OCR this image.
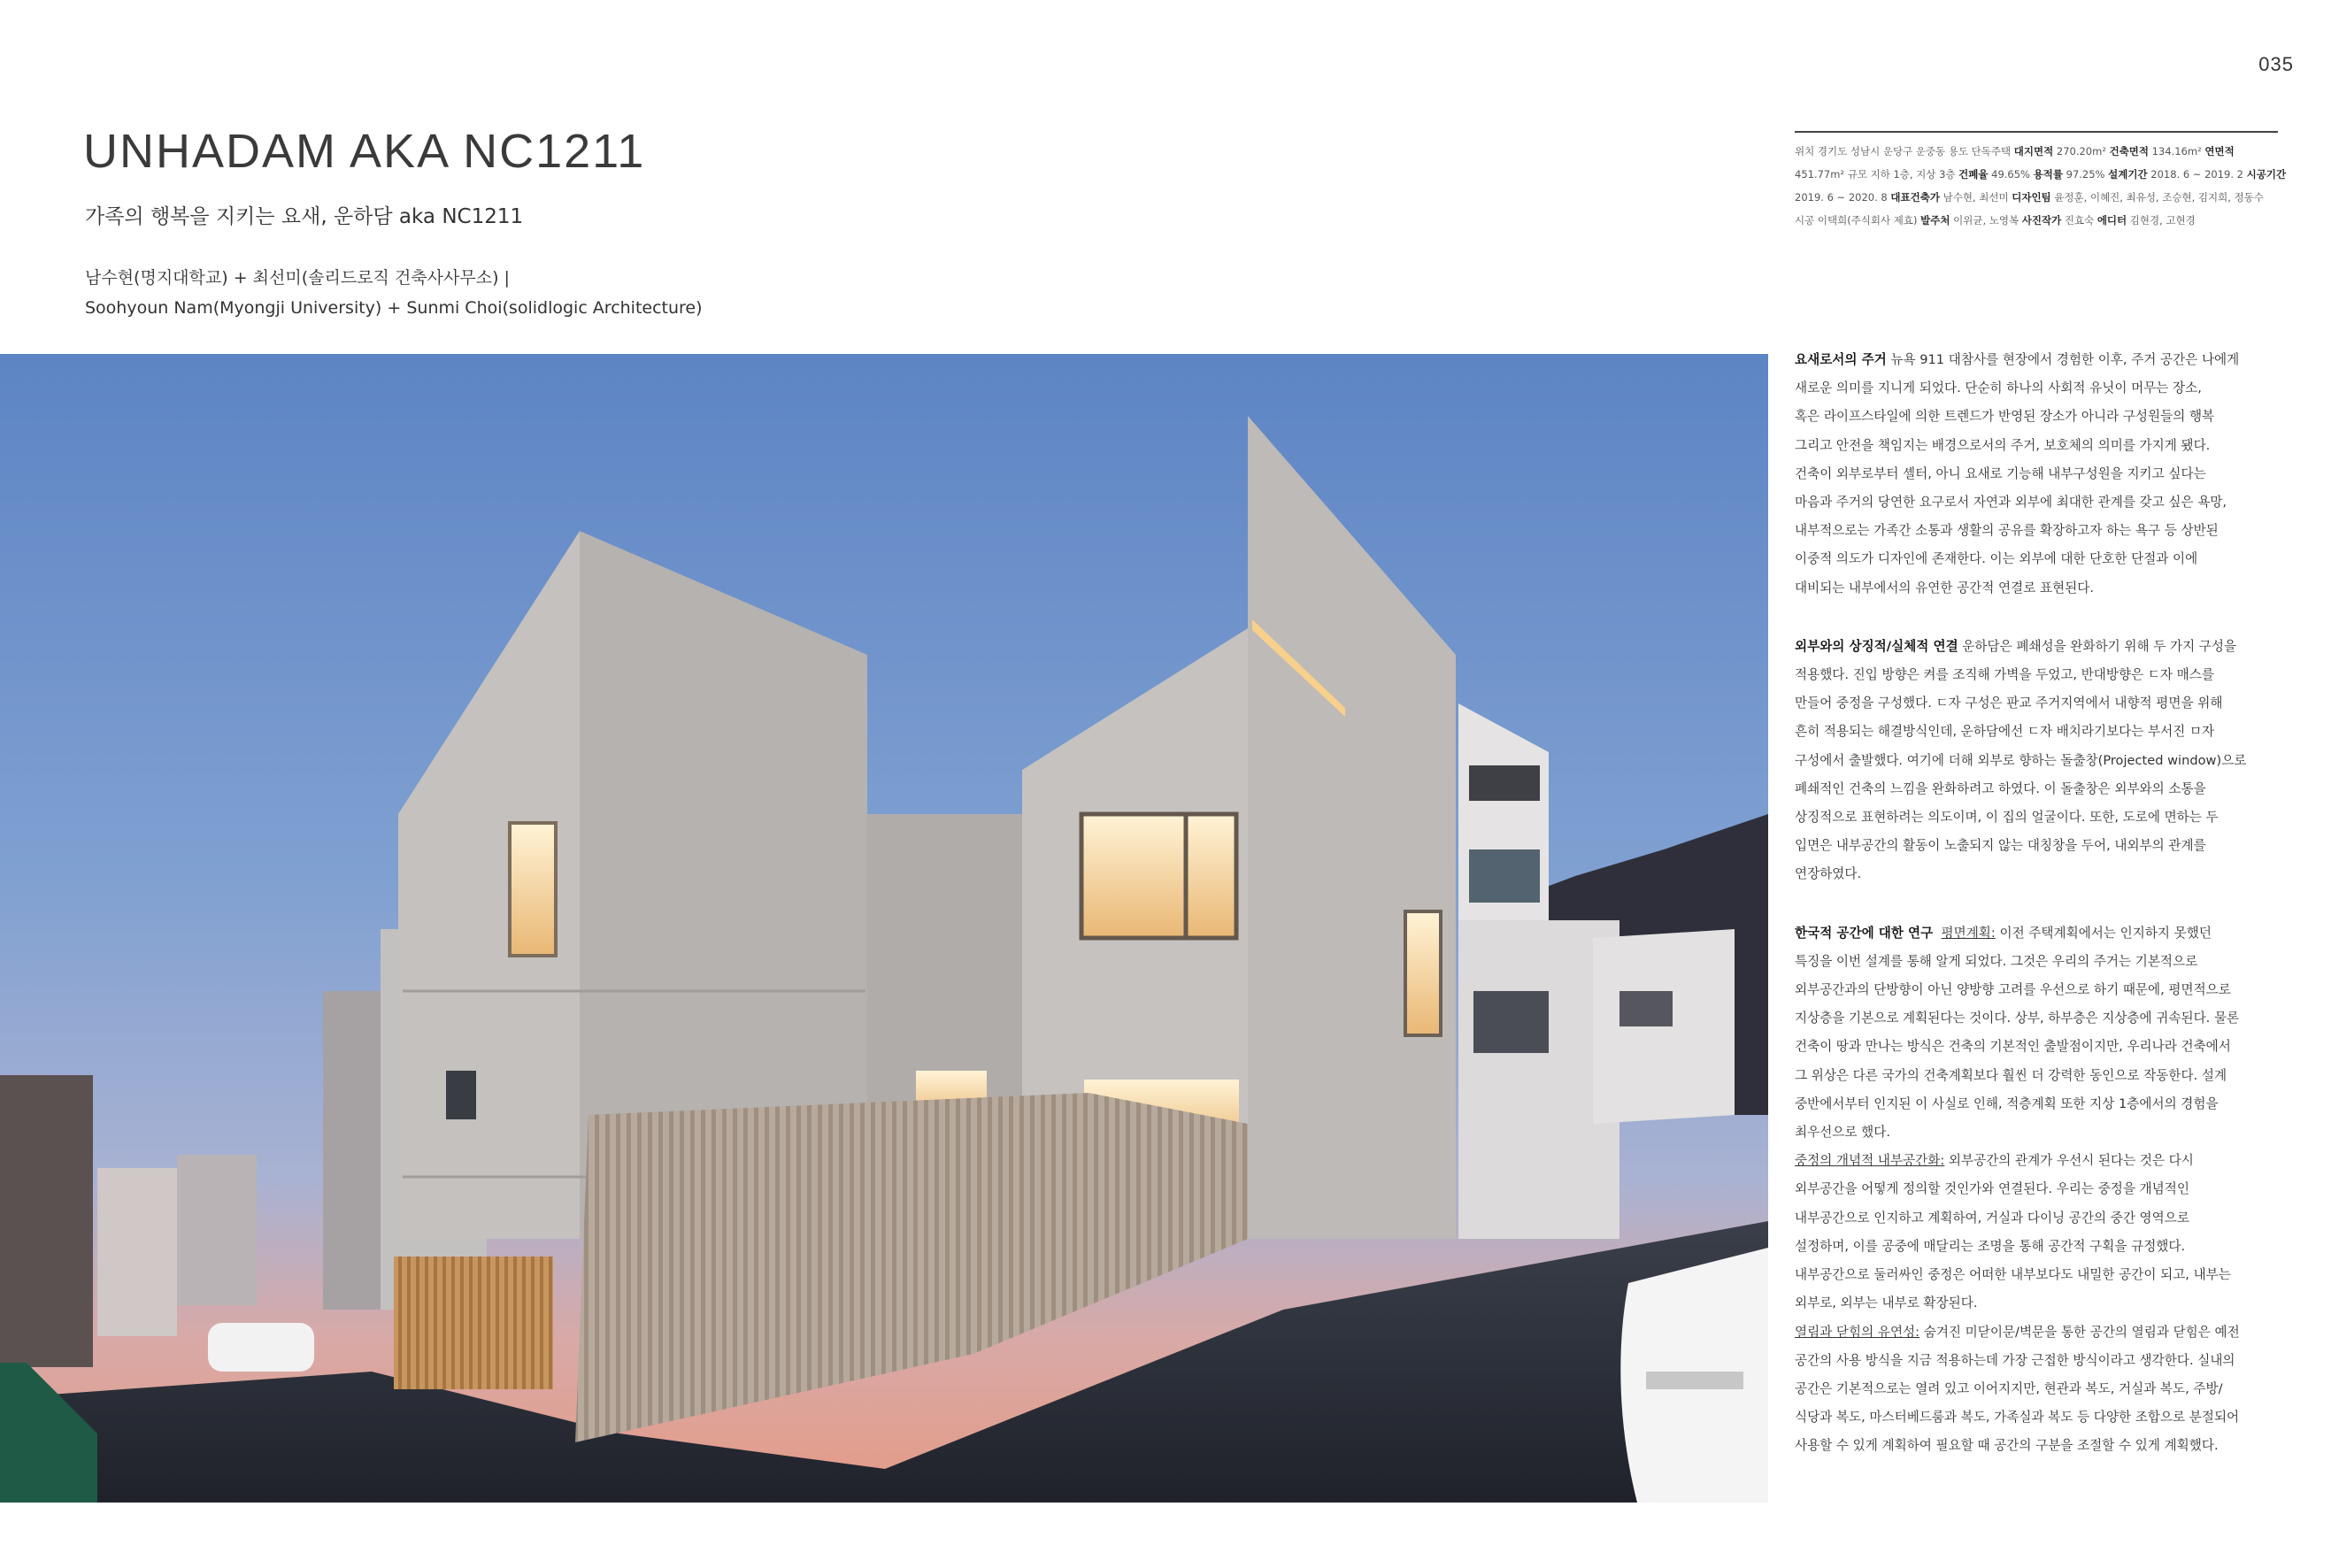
035
UNHADAM AKA NC1211
가족의 행복을 지키는 요새, 운하담 aka NC1211
남수현(명지대학교) + 최선미(솔리드로직 건축사사무소) |
Soohyoun Nam(Myongji University) + Sunmi Choi(solidlogic Architecture)
위치 경기도 성남시 운당구 운중동 용도 단독주택 대지면적 270.20m² 건축면적 134.16m² 연면적
451.77m² 규모 지하 1층, 지상 3층 건폐율 49.65% 용적률 97.25% 설계기간 2018. 6 ~ 2019. 2 시공기간
2019. 6 ~ 2020. 8 대표건축가 남수현, 최선미 디자인팀 윤정훈, 이혜진, 최유성, 조승현, 김지희, 정동수
시공 이택희(주식회사 제효) 발주처 이위균, 노영복 사진작가 진효숙 에디터 김현경, 고현경
요새로서의 주거 뉴욕 911 대참사를 현장에서 경험한 이후, 주거 공간은 나에게
새로운 의미를 지니게 되었다. 단순히 하나의 사회적 유닛이 머무는 장소,
혹은 라이프스타일에 의한 트렌드가 반영된 장소가 아니라 구성원들의 행복
그리고 안전을 책임지는 배경으로서의 주거, 보호체의 의미를 가지게 됐다.
건축이 외부로부터 셸터, 아니 요새로 기능해 내부구성원을 지키고 싶다는
마음과 주거의 당연한 요구로서 자연과 외부에 최대한 관계를 갖고 싶은 욕망,
내부적으로는 가족간 소통과 생활의 공유를 확장하고자 하는 욕구 등 상반된
이중적 의도가 디자인에 존재한다. 이는 외부에 대한 단호한 단절과 이에
대비되는 내부에서의 유연한 공간적 연결로 표현된다.
외부와의 상징적/실체적 연결 운하담은 폐쇄성을 완화하기 위해 두 가지 구성을
적용했다. 진입 방향은 켜를 조직해 가벽을 두었고, 반대방향은 ㄷ자 매스를
만들어 중정을 구성했다. ㄷ자 구성은 판교 주거지역에서 내향적 평면을 위해
흔히 적용되는 해결방식인데, 운하담에선 ㄷ자 배치라기보다는 부서진 ㅁ자
구성에서 출발했다. 여기에 더해 외부로 향하는 돌출창(Projected window)으로
폐쇄적인 건축의 느낌을 완화하려고 하였다. 이 돌출창은 외부와의 소통을
상징적으로 표현하려는 의도이며, 이 집의 얼굴이다. 또한, 도로에 면하는 두
입면은 내부공간의 활동이 노출되지 않는 대칭창을 두어, 내외부의 관계를
연장하였다.
한국적 공간에 대한 연구 평면계획: 이전 주택계획에서는 인지하지 못했던
특징을 이번 설계를 통해 알게 되었다. 그것은 우리의 주거는 기본적으로
외부공간과의 단방향이 아닌 양방향 고려를 우선으로 하기 때문에, 평면적으로
지상층을 기본으로 계획된다는 것이다. 상부, 하부층은 지상층에 귀속된다. 물론
건축이 땅과 만나는 방식은 건축의 기본적인 출발점이지만, 우리나라 건축에서
그 위상은 다른 국가의 건축계획보다 훨씬 더 강력한 동인으로 작동한다. 설계
중반에서부터 인지된 이 사실로 인해, 적층계획 또한 지상 1층에서의 경험을
최우선으로 했다.
중정의 개념적 내부공간화: 외부공간의 관계가 우선시 된다는 것은 다시
외부공간을 어떻게 정의할 것인가와 연결된다. 우리는 중정을 개념적인
내부공간으로 인지하고 계획하여, 거실과 다이닝 공간의 중간 영역으로
설정하며, 이를 공중에 매달리는 조명을 통해 공간적 구획을 규정했다.
내부공간으로 둘러싸인 중정은 어떠한 내부보다도 내밀한 공간이 되고, 내부는
외부로, 외부는 내부로 확장된다.
열림과 닫힘의 유연성: 숨겨진 미닫이문/벽문을 통한 공간의 열림과 닫힘은 예전
공간의 사용 방식을 지금 적용하는데 가장 근접한 방식이라고 생각한다. 실내의
공간은 기본적으로는 열려 있고 이어지지만, 현관과 복도, 거실과 복도, 주방/
식당과 복도, 마스터베드룸과 복도, 가족실과 복도 등 다양한 조합으로 분절되어
사용할 수 있게 계획하여 필요할 때 공간의 구분을 조절할 수 있게 계획했다.
